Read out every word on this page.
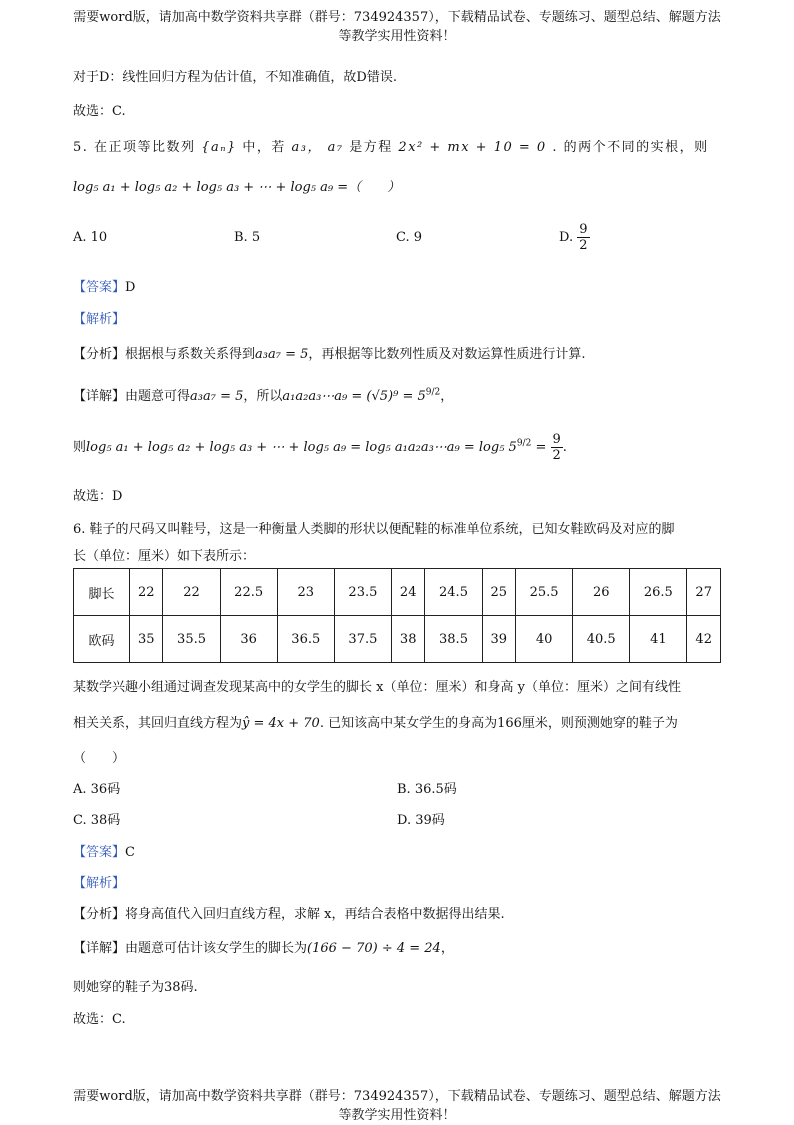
需要word版，请加高中数学资料共享群（群号：734924357），下载精品试卷、专题练习、题型总结、解题方法
等教学实用性资料！
对于D：线性回归方程为估计值，不知准确值，故D错误.
故选：C.
5. 在正项等比数列 {aₙ} 中，若 a₃， a₇ 是方程 2x² + mx + 10 = 0 . 的两个不同的实根，则
log₅ a₁ + log₅ a₂ + log₅ a₃ + ⋯ + log₅ a₉ =（　　）
A. 10	B. 5	C. 9	D. $\frac{9}{2}$
【答案】D
【解析】
【分析】根据根与系数关系得到a₃a₇ = 5，再根据等比数列性质及对数运算性质进行计算.
【详解】由题意可得a₃a₇ = 5，所以a₁a₂a₃⋯a₉ = $(√5)^9 = 5^{9/2}$，
则log₅ a₁ + log₅ a₂ + log₅ a₃ + ⋯ + log₅ a₉ = log₅ a₁a₂a₃⋯a₉ = log₅ $5^{9/2} = \frac{9}{2}$ .
故选：D
6. 鞋子的尺码又叫鞋号，这是一种衡量人类脚的形状以便配鞋的标准单位系统，已知女鞋欧码及对应的脚
长（单位：厘米）如下表所示：
脚长	22	22	22.5	23	23.5	24	24.5	25	25.5	26	26.5	27
欧码	35	35.5	36	36.5	37.5	38	38.5	39	40	40.5	41	42
某数学兴趣小组通过调查发现某高中的女学生的脚长 x（单位：厘米）和身高 y（单位：厘米）之间有线性
相关关系，其回归直线方程为ŷ = 4x + 70. 已知该高中某女学生的身高为166厘米，则预测她穿的鞋子为
（　　）
A. 36码	B. 36.5码
C. 38码	D. 39码
【答案】C
【解析】
【分析】将身高值代入回归直线方程，求解 x，再结合表格中数据得出结果.
【详解】由题意可估计该女学生的脚长为(166 − 70) ÷ 4 = 24，
则她穿的鞋子为38码.
故选：C.
需要word版，请加高中数学资料共享群（群号：734924357），下载精品试卷、专题练习、题型总结、解题方法
等教学实用性资料！
